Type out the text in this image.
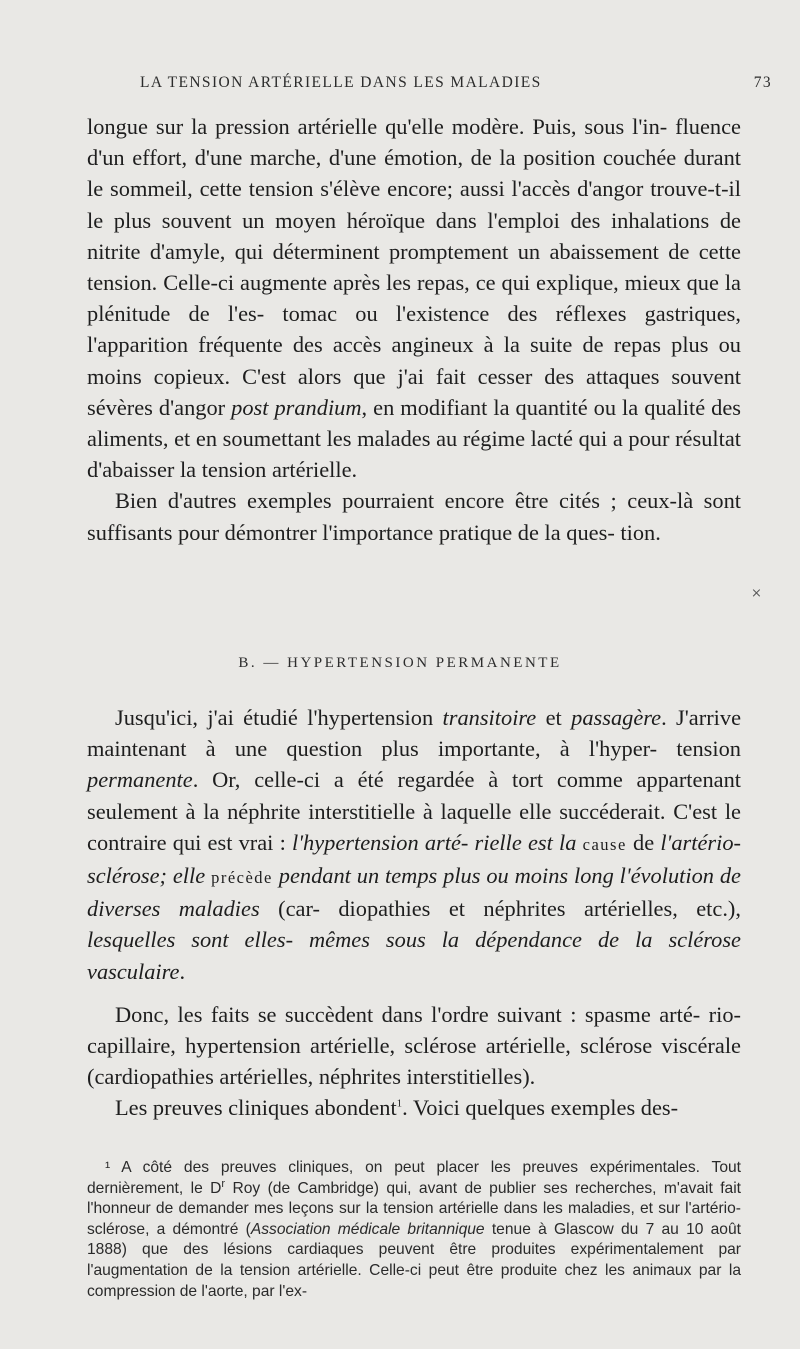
LA TENSION ARTÉRIELLE DANS LES MALADIES	73

longue sur la pression artérielle qu'elle modère. Puis, sous l'in- fluence d'un effort, d'une marche, d'une émotion, de la position couchée durant le sommeil, cette tension s'élève encore; aussi l'accès d'angor trouve-t-il le plus souvent un moyen héroïque dans l'emploi des inhalations de nitrite d'amyle, qui déterminent promptement un abaissement de cette tension. Celle-ci augmente après les repas, ce qui explique, mieux que la plénitude de l'es- tomac ou l'existence des réflexes gastriques, l'apparition fréquente des accès angineux à la suite de repas plus ou moins copieux. C'est alors que j'ai fait cesser des attaques souvent sévères d'angor post prandium, en modifiant la quantité ou la qualité des aliments, et en soumettant les malades au régime lacté qui a pour résultat d'abaisser la tension artérielle.

Bien d'autres exemples pourraient encore être cités ; ceux-là sont suffisants pour démontrer l'importance pratique de la ques- tion.

×
B. — HYPERTENSION PERMANENTE

Jusqu'ici, j'ai étudié l'hypertension transitoire et passagère. J'arrive maintenant à une question plus importante, à l'hyper- tension permanente. Or, celle-ci a été regardée à tort comme appartenant seulement à la néphrite interstitielle à laquelle elle succéderait. C'est le contraire qui est vrai : l'hypertension arté- rielle est la cause de l'artério-sclérose; elle précède pendant un temps plus ou moins long l'évolution de diverses maladies (car- diopathies et néphrites artérielles, etc.), lesquelles sont elles- mêmes sous la dépendance de la sclérose vasculaire.

Donc, les faits se succèdent dans l'ordre suivant : spasme arté- rio-capillaire, hypertension artérielle, sclérose artérielle, sclérose viscérale (cardiopathies artérielles, néphrites interstitielles).

Les preuves cliniques abondent$^1$. Voici quelques exemples des-

¹ A côté des preuves cliniques, on peut placer les preuves expérimentales. Tout dernièrement, le $D^r$ Roy (de Cambridge) qui, avant de publier ses recherches, m'avait fait l'honneur de demander mes leçons sur la tension artérielle dans les maladies, et sur l'artério-sclérose, a démontré (Association médicale britannique tenue à Glascow du 7 au 10 août 1888) que des lésions cardiaques peuvent être produites expérimentalement par l'augmentation de la tension artérielle. Celle-ci peut être produite chez les animaux par la compression de l'aorte, par l'ex-
